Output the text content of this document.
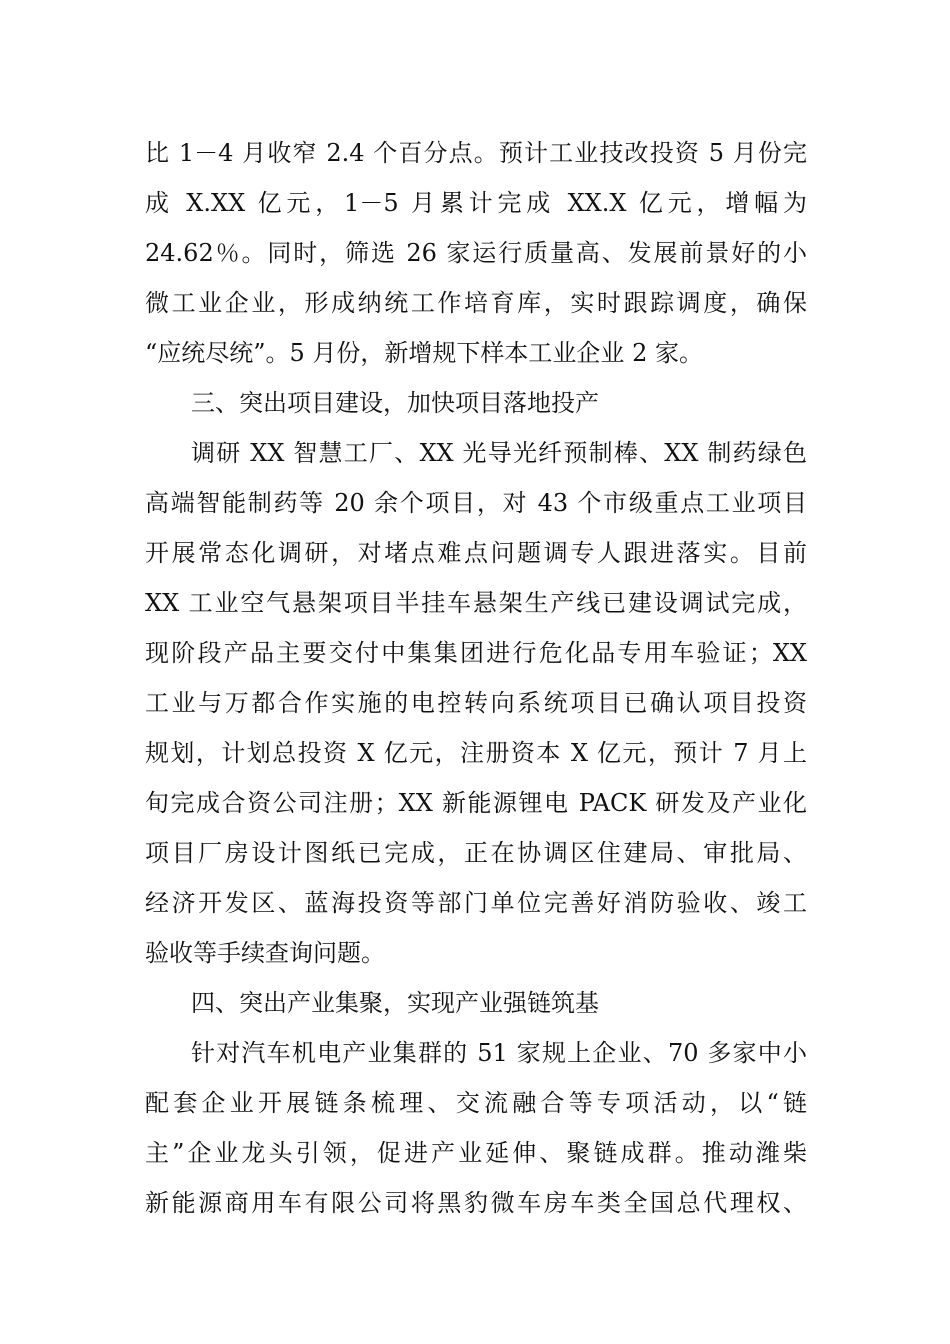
比 1－4 月收窄 2.4 个百分点。预计工业技改投资 5 月份完
成 X.XX 亿元，1－5 月累计完成 XX.X 亿元，增幅为
24.62％。同时，筛选 26 家运行质量高、发展前景好的小
微工业企业，形成纳统工作培育库，实时跟踪调度，确保
“应统尽统”。5 月份，新增规下样本工业企业 2 家。
三、突出项目建设，加快项目落地投产
调研 XX 智慧工厂、XX 光导光纤预制棒、XX 制药绿色
高端智能制药等 20 余个项目，对 43 个市级重点工业项目
开展常态化调研，对堵点难点问题调专人跟进落实。目前
XX 工业空气悬架项目半挂车悬架生产线已建设调试完成，
现阶段产品主要交付中集集团进行危化品专用车验证；XX
工业与万都合作实施的电控转向系统项目已确认项目投资
规划，计划总投资 X 亿元，注册资本 X 亿元，预计 7 月上
旬完成合资公司注册；XX 新能源锂电 PACK 研发及产业化
项目厂房设计图纸已完成，正在协调区住建局、审批局、
经济开发区、蓝海投资等部门单位完善好消防验收、竣工
验收等手续查询问题。
四、突出产业集聚，实现产业强链筑基
针对汽车机电产业集群的 51 家规上企业、70 多家中小
配套企业开展链条梳理、交流融合等专项活动，以“链
主”企业龙头引领，促进产业延伸、聚链成群。推动潍柴
新能源商用车有限公司将黑豹微车房车类全国总代理权、
